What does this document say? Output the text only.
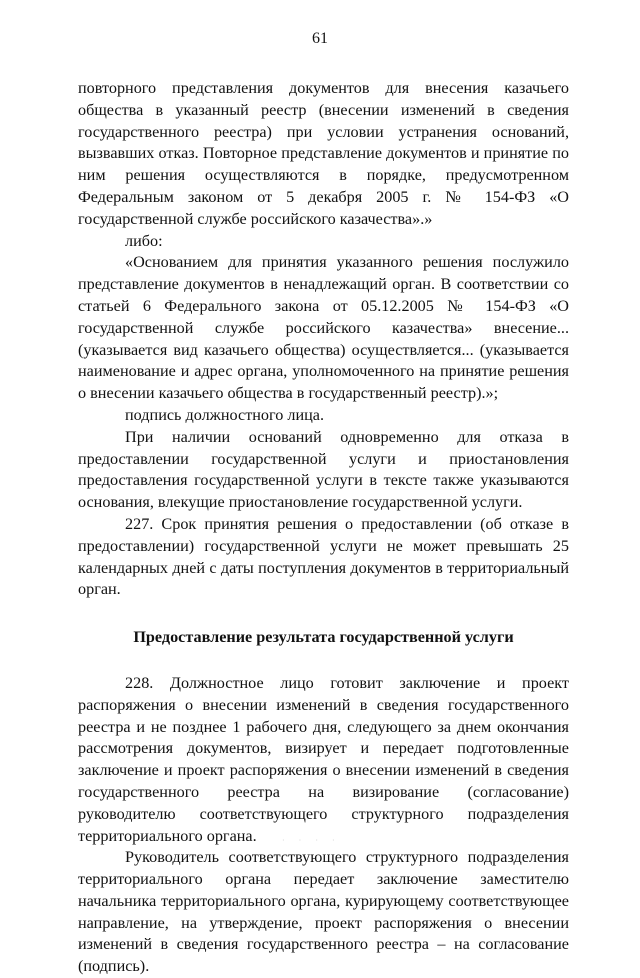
61

повторного представления документов для внесения казачьего общества в указанный реестр (внесении изменений в сведения государственного реестра) при условии устранения оснований, вызвавших отказ. Повторное представление документов и принятие по ним решения осуществляются в порядке, предусмотренном Федеральным законом от 5 декабря 2005 г. № 154-ФЗ «О государственной службе российского казачества».»

либо:

«Основанием для принятия указанного решения послужило представление документов в ненадлежащий орган. В соответствии со статьей 6 Федерального закона от 05.12.2005 № 154-ФЗ «О государственной службе российского казачества» внесение... (указывается вид казачьего общества) осуществляется... (указывается наименование и адрес органа, уполномоченного на принятие решения о внесении казачьего общества в государственный реестр).»;

подпись должностного лица.

При наличии оснований одновременно для отказа в предоставлении государственной услуги и приостановления предоставления государственной услуги в тексте также указываются основания, влекущие приостановление государственной услуги.

227. Срок принятия решения о предоставлении (об отказе в предоставлении) государственной услуги не может превышать 25 календарных дней с даты поступления документов в территориальный орган.

Предоставление результата государственной услуги

228. Должностное лицо готовит заключение и проект распоряжения о внесении изменений в сведения государственного реестра и не позднее 1 рабочего дня, следующего за днем окончания рассмотрения документов, визирует и передает подготовленные заключение и проект распоряжения о внесении изменений в сведения государственного реестра на визирование (согласование) руководителю соответствующего структурного подразделения территориального органа.

Руководитель соответствующего структурного подразделения территориального органа передает заключение заместителю начальника территориального органа, курирующему соответствующее направление, на утверждение, проект распоряжения о внесении изменений в сведения государственного реестра – на согласование (подпись).

· · · ·
